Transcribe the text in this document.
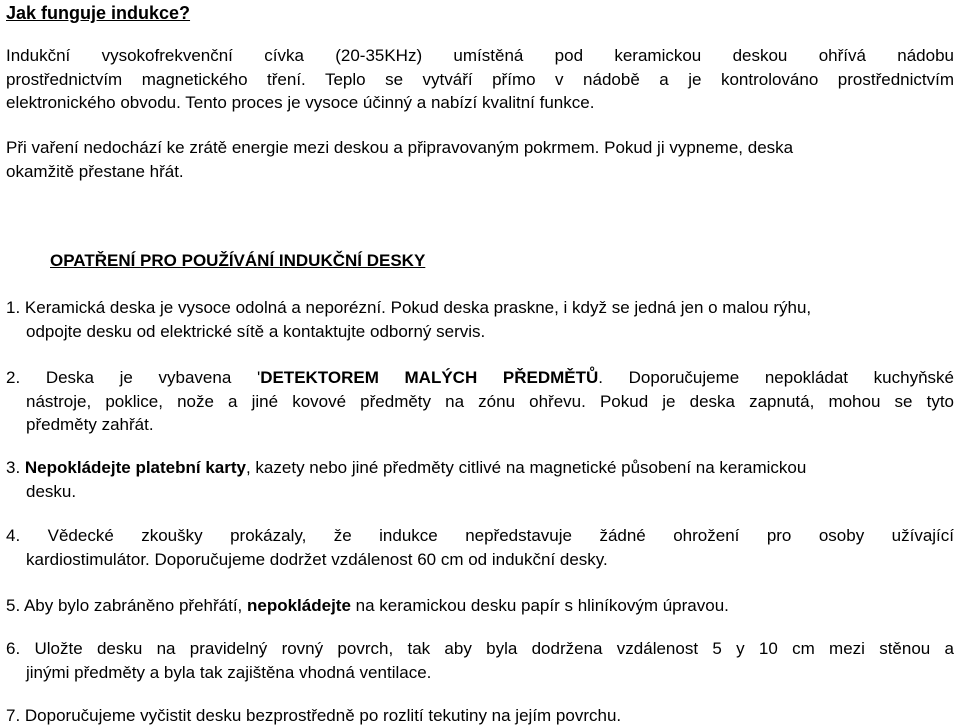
Jak funguje indukce?

Indukční vysokofrekvenční cívka (20-35KHz) umístěná pod keramickou deskou ohřívá nádobu
prostřednictvím magnetického tření. Teplo se vytváří přímo v nádobě a je kontrolováno prostřednictvím
elektronického obvodu. Tento proces je vysoce účinný a nabízí kvalitní funkce.

Při vaření nedochází ke zrátě energie mezi deskou a připravovaným pokrmem. Pokud ji vypneme, deska
okamžitě přestane hřát.

OPATŘENÍ PRO POUŽÍVÁNÍ INDUKČNÍ DESKY

1. Keramická deska je vysoce odolná a neporézní. Pokud deska praskne, i když se jedná jen o malou rýhu,
odpojte desku od elektrické sítě a kontaktujte odborný servis.

2. Deska je vybavena 'DETEKTOREM MALÝCH PŘEDMĚTŮ. Doporučujeme nepokládat kuchyňské
nástroje, poklice, nože a jiné kovové předměty na zónu ohřevu. Pokud je deska zapnutá, mohou se tyto
předměty zahřát.

3. Nepokládejte platební karty, kazety nebo jiné předměty citlivé na magnetické působení na keramickou
desku.

4. Vědecké zkoušky prokázaly, že indukce nepředstavuje žádné ohrožení pro osoby užívající
kardiostimulátor. Doporučujeme dodržet vzdálenost 60 cm od indukční desky.

5. Aby bylo zabráněno přehřátí, nepokládejte na keramickou desku papír s hliníkovým úpravou.

6. Uložte desku na pravidelný rovný povrch, tak aby byla dodržena vzdálenost 5 y 10 cm mezi stěnou a
jinými předměty a byla tak zajištěna vhodná ventilace.

7. Doporučujeme vyčistit desku bezprostředně po rozlití tekutiny na jejím povrchu.
